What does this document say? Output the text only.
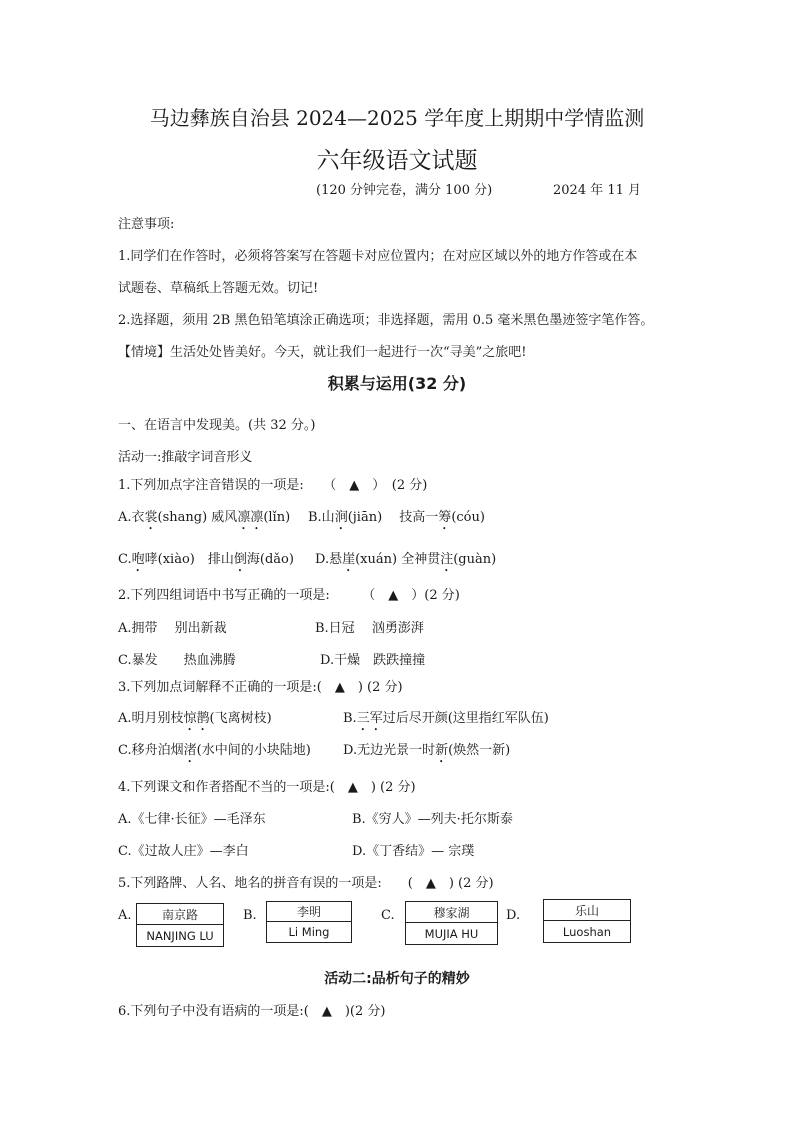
马边彝族自治县 2024—2025 学年度上期期中学情监测
六年级语文试题
(120 分钟完卷，满分 100 分)	2024 年 11 月
注意事项:
1.同学们在作答时，必须将答案写在答题卡对应位置内；在对应区域以外的地方作答或在本
试题卷、草稿纸上答题无效。切记!
2.选择题，须用 2B 黑色铅笔填涂正确选项；非选择题，需用 0.5 毫米黑色墨迹签字笔作答。
【情境】生活处处皆美好。今天，就让我们一起进行一次“寻美”之旅吧!
积累与运用(32 分)
一、在语言中发现美。(共 32 分。)
活动一:推敲字词音形义
1.下列加点字注音错误的一项是:　　（　▲　）　(2 分)
A.衣裳(shang) 威风凛凛(lǐn) B.山涧(jiān)　 技高一筹(cóu)
C.咆哮(xiào)　排山倒海(dǎo) D.悬崖(xuán) 全神贯注(guàn)
2.下列四组词语中书写正确的一项是:　　　（　▲　）(2 分)
A.拥带　 别出新裁	B.日冠　 汹勇澎湃
C.暴发　　热血沸腾	D.干燥　跌跌撞撞
3.下列加点词解释不正确的一项是:(　▲　) (2 分)
A.明月别枝惊鹊(飞离树枝)	B.三军过后尽开颜(这里指红军队伍)
C.移舟泊烟渚(水中间的小块陆地) D.无边光景一时新(焕然一新)
4.下列课文和作者搭配不当的一项是:(　▲　) (2 分)
A.《七律·长征》—毛泽东	B.《穷人》—列夫·托尔斯泰
C.《过故人庄》—李白	D.《丁香结》— 宗璞
5.下列路牌、人名、地名的拼音有误的一项是:　　(　▲　) (2 分)
A.	南京路
NANJING LU
B.	李明
Li Ming
C.	穆家湖
MUJIA HU
D.	乐山
Luoshan
活动二:品析句子的精妙
6.下列句子中没有语病的一项是:(　▲　)(2 分)
